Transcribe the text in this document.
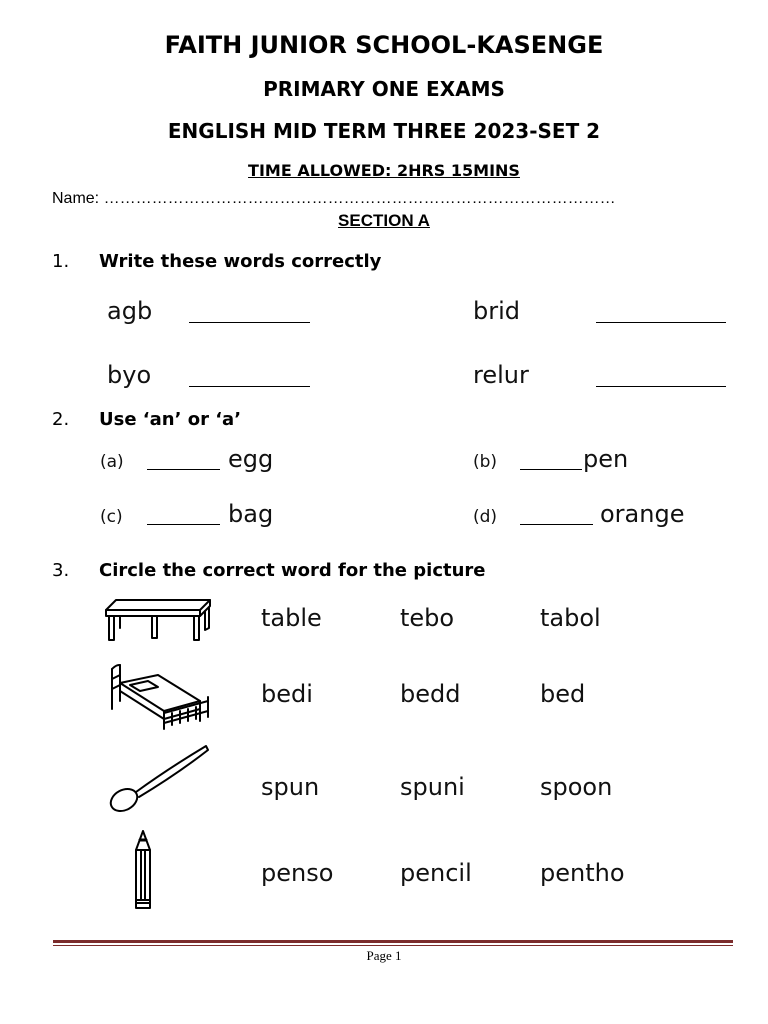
FAITH JUNIOR SCHOOL-KASENGE
PRIMARY ONE EXAMS
ENGLISH MID TERM THREE 2023-SET 2
TIME ALLOWED: 2HRS 15MINS
Name: ……………………………………………………………………………………
SECTION A
1. Write these words correctly
agb	brid
byo	relur
2. Use ‘an’ or ‘a’
(a)	egg	(b)	pen
(c)	bag	(d)	orange
3. Circle the correct word for the picture
table	tebo	tabol
bedi	bedd	bed
spun	spuni	spoon
penso	pencil	pentho
Page 1
